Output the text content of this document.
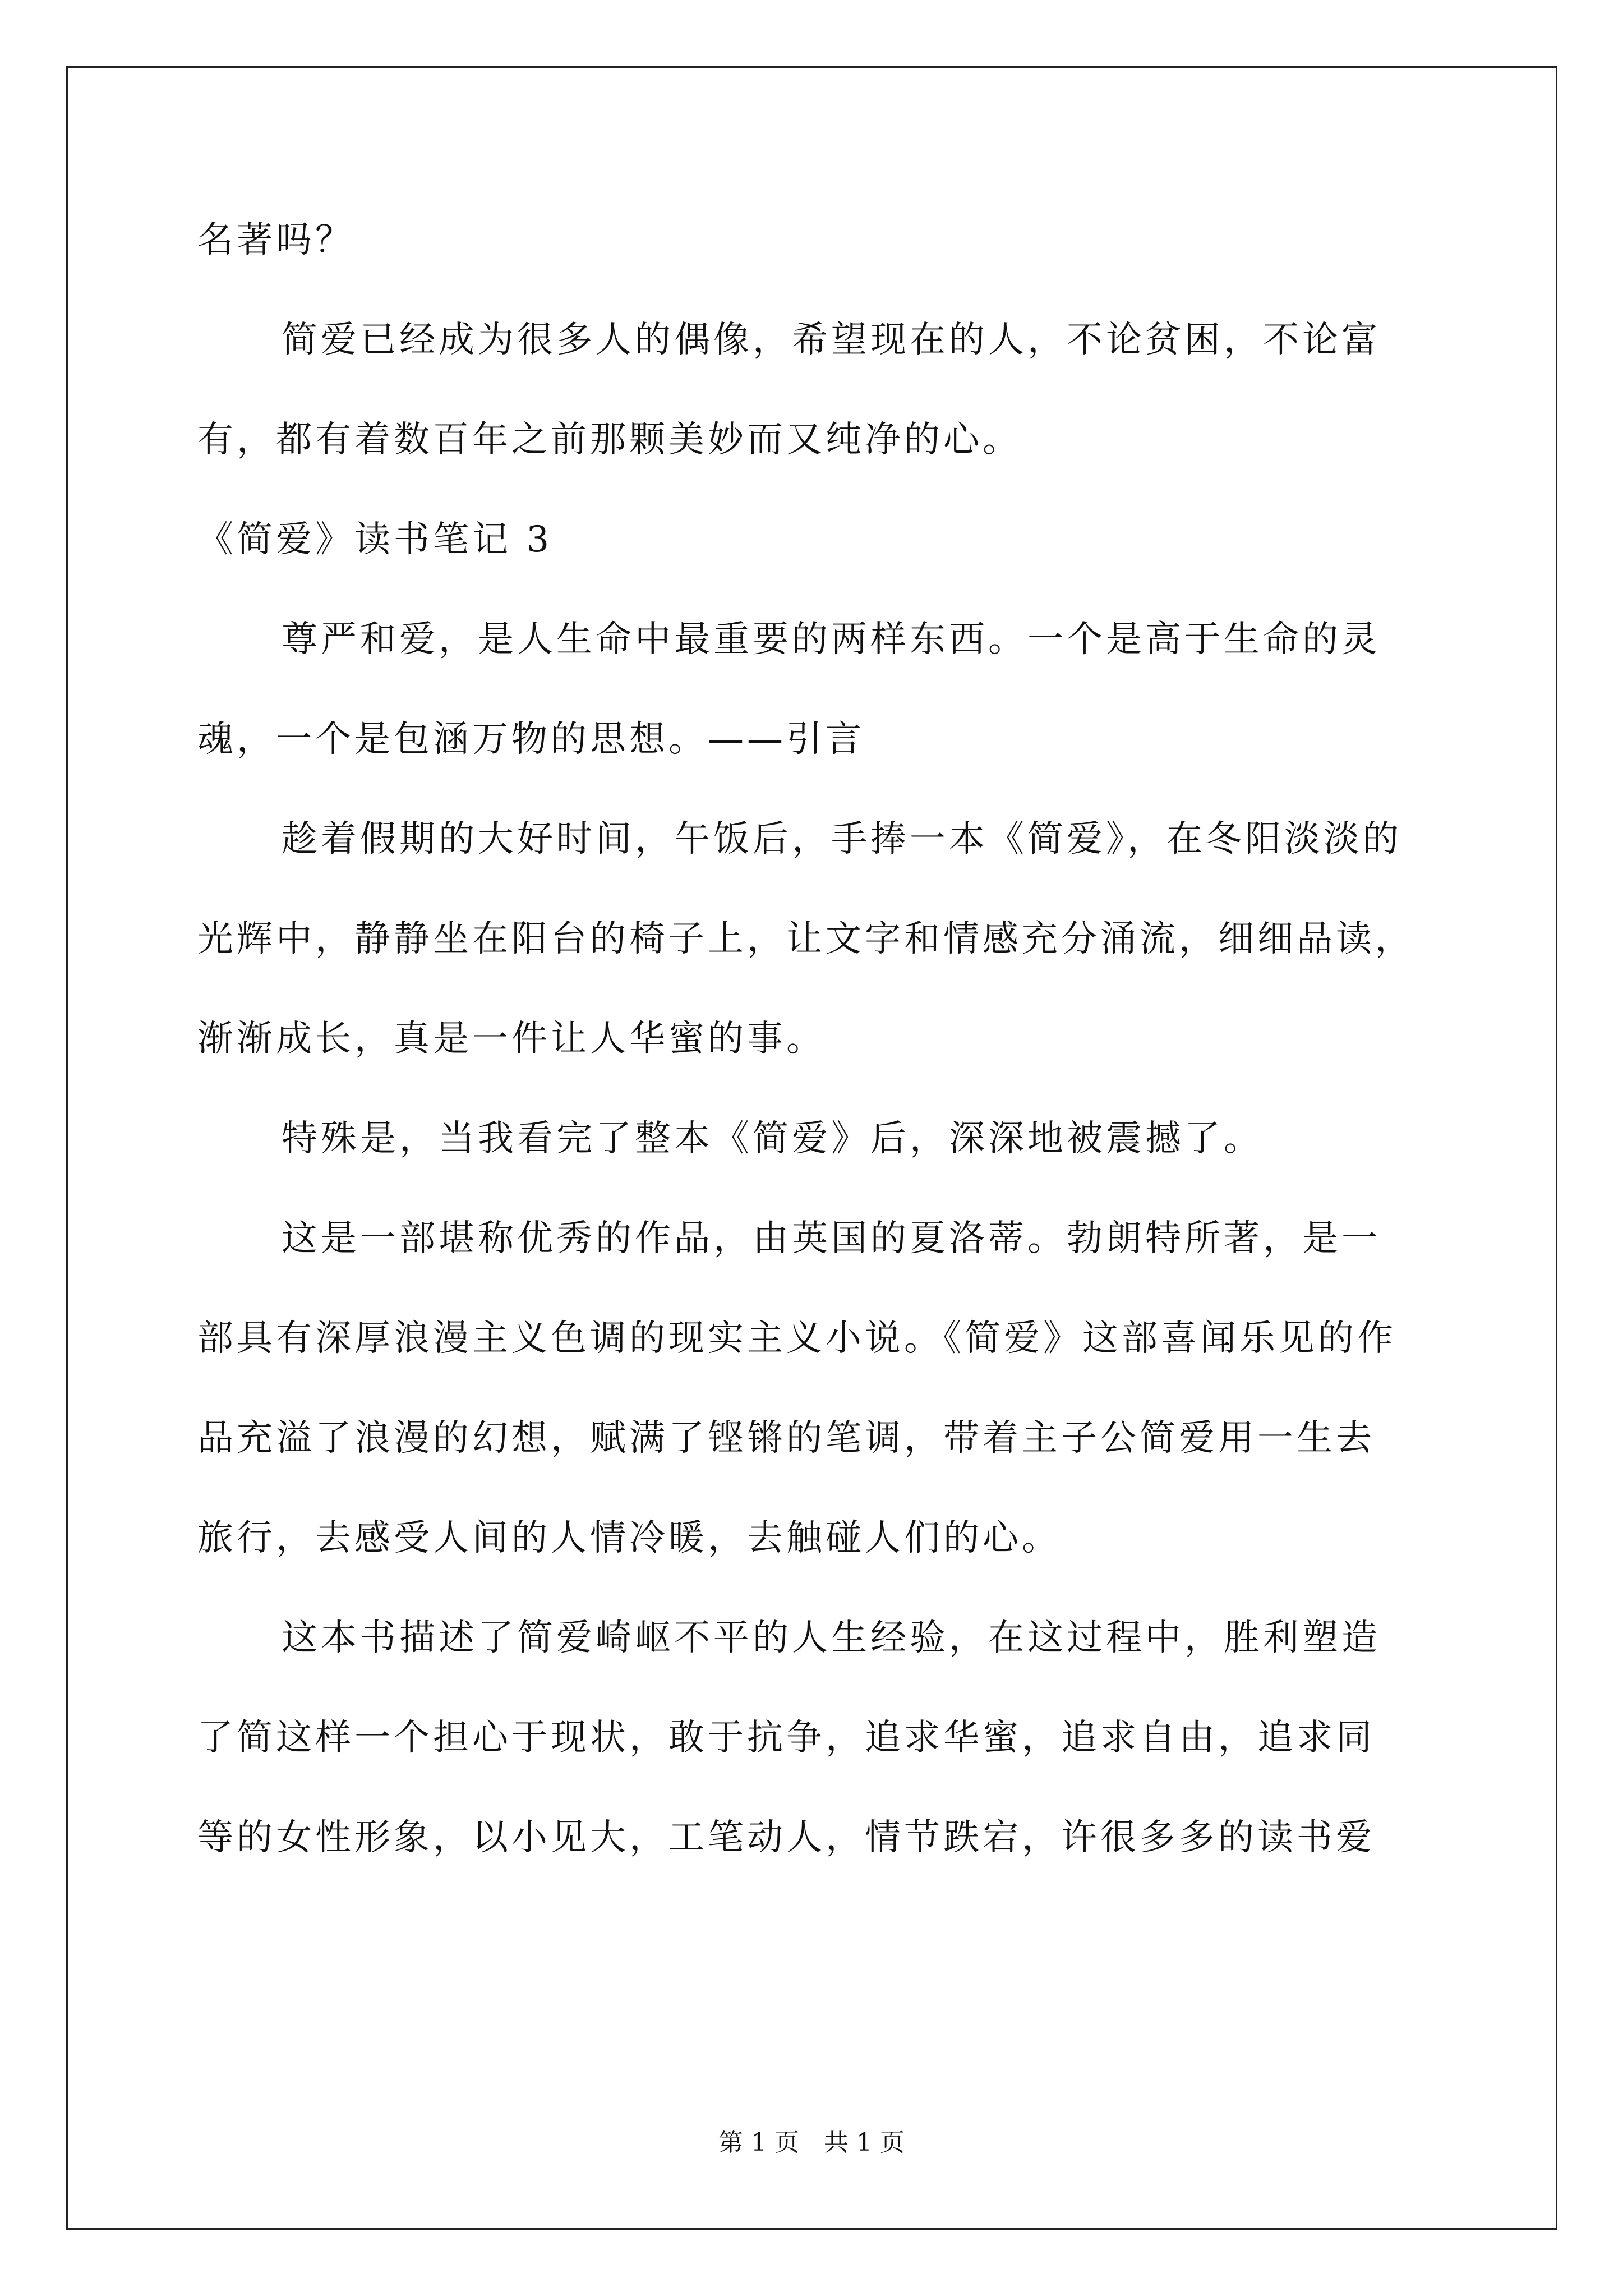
名著吗？
简爱已经成为很多人的偶像，希望现在的人，不论贫困，不论富
有，都有着数百年之前那颗美妙而又纯净的心。
《简爱》读书笔记 3
尊严和爱，是人生命中最重要的两样东西。一个是高于生命的灵
魂，一个是包涵万物的思想。——引言
趁着假期的大好时间，午饭后，手捧一本《简爱》，在冬阳淡淡的
光辉中，静静坐在阳台的椅子上，让文字和情感充分涌流，细细品读，
渐渐成长，真是一件让人华蜜的事。
特殊是，当我看完了整本《简爱》后，深深地被震撼了。
这是一部堪称优秀的作品，由英国的夏洛蒂。勃朗特所著，是一
部具有深厚浪漫主义色调的现实主义小说。《简爱》这部喜闻乐见的作
品充溢了浪漫的幻想，赋满了铿锵的笔调，带着主子公简爱用一生去
旅行，去感受人间的人情冷暖，去触碰人们的心。
这本书描述了简爱崎岖不平的人生经验，在这过程中，胜利塑造
了简这样一个担心于现状，敢于抗争，追求华蜜，追求自由，追求同
等的女性形象，以小见大，工笔动人，情节跌宕，许很多多的读书爱
第 1 页　共 1 页
